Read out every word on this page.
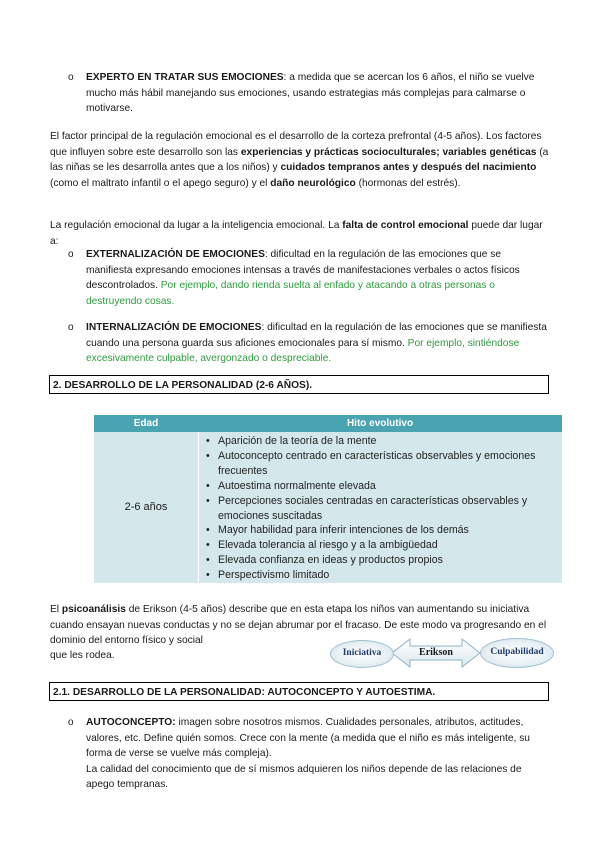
o EXPERTO EN TRATAR SUS EMOCIONES: a medida que se acercan los 6 años, el niño se vuelve mucho más hábil manejando sus emociones, usando estrategias más complejas para calmarse o motivarse.
El factor principal de la regulación emocional es el desarrollo de la corteza prefrontal (4-5 años). Los factores que influyen sobre este desarrollo son las experiencias y prácticas socioculturales; variables genéticas (a las niñas se les desarrolla antes que a los niños) y cuidados tempranos antes y después del nacimiento (como el maltrato infantil o el apego seguro) y el daño neurológico (hormonas del estrés).
La regulación emocional da lugar a la inteligencia emocional. La falta de control emocional puede dar lugar a:
o EXTERNALIZACIÓN DE EMOCIONES: dificultad en la regulación de las emociones que se manifiesta expresando emociones intensas a través de manifestaciones verbales o actos físicos descontrolados. Por ejemplo, dando rienda suelta al enfado y atacando a otras personas o destruyendo cosas.
o INTERNALIZACIÓN DE EMOCIONES: dificultad en la regulación de las emociones que se manifiesta cuando una persona guarda sus aficiones emocionales para sí mismo. Por ejemplo, sintiéndose excesivamente culpable, avergonzado o despreciable.
2. DESARROLLO DE LA PERSONALIDAD (2-6 AÑOS).
Edad	Hito evolutivo
2-6 años
• Aparición de la teoría de la mente
• Autoconcepto centrado en características observables y emociones frecuentes
• Autoestima normalmente elevada
• Percepciones sociales centradas en características observables y emociones suscitadas
• Mayor habilidad para inferir intenciones de los demás
• Elevada tolerancia al riesgo y a la ambigüedad
• Elevada confianza en ideas y productos propios
• Perspectivismo limitado
El psicoanálisis de Erikson (4-5 años) describe que en esta etapa los niños van aumentando su iniciativa cuando ensayan nuevas conductas y no se dejan abrumar por el fracaso. De este modo va progresando en el dominio del entorno físico y social
que les rodea.	Iniciativa	Erikson	Culpabilidad
2.1. DESARROLLO DE LA PERSONALIDAD: AUTOCONCEPTO Y AUTOESTIMA.
o AUTOCONCEPTO: imagen sobre nosotros mismos. Cualidades personales, atributos, actitudes, valores, etc. Define quién somos. Crece con la mente (a medida que el niño es más inteligente, su forma de verse se vuelve más compleja).
La calidad del conocimiento que de sí mismos adquieren los niños depende de las relaciones de apego tempranas.
